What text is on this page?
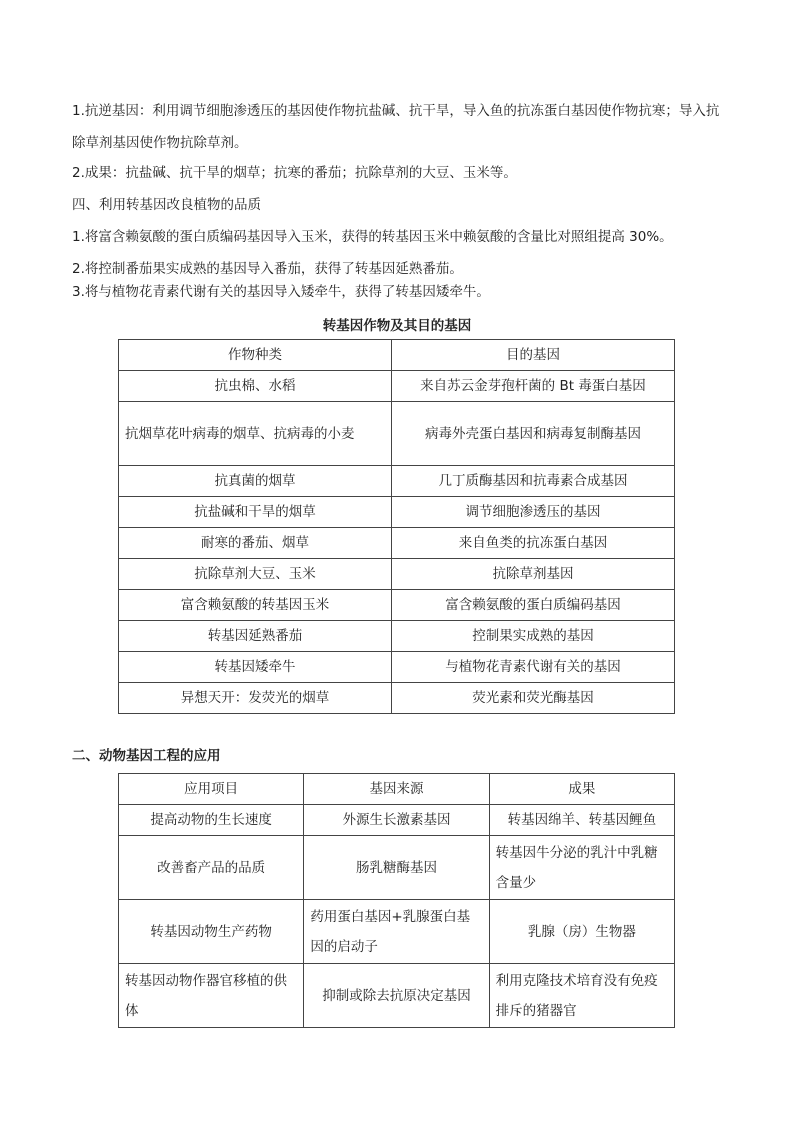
1.抗逆基因：利用调节细胞渗透压的基因使作物抗盐碱、抗干旱，导入鱼的抗冻蛋白基因使作物抗寒；导入抗除草剂基因使作物抗除草剂。

2.成果：抗盐碱、抗干旱的烟草；抗寒的番茄；抗除草剂的大豆、玉米等。

四、利用转基因改良植物的品质

1.将富含赖氨酸的蛋白质编码基因导入玉米，获得的转基因玉米中赖氨酸的含量比对照组提高 30%。

2.将控制番茄果实成熟的基因导入番茄，获得了转基因延熟番茄。

3.将与植物花青素代谢有关的基因导入矮牵牛，获得了转基因矮牵牛。

转基因作物及其目的基因
作物种类	目的基因
抗虫棉、水稻	来自苏云金芽孢杆菌的 Bt 毒蛋白基因
抗烟草花叶病毒的烟草、抗病毒的小麦	病毒外壳蛋白基因和病毒复制酶基因
抗真菌的烟草	几丁质酶基因和抗毒素合成基因
抗盐碱和干旱的烟草	调节细胞渗透压的基因
耐寒的番茄、烟草	来自鱼类的抗冻蛋白基因
抗除草剂大豆、玉米	抗除草剂基因
富含赖氨酸的转基因玉米	富含赖氨酸的蛋白质编码基因
转基因延熟番茄	控制果实成熟的基因
转基因矮牵牛	与植物花青素代谢有关的基因
异想天开：发荧光的烟草	荧光素和荧光酶基因
二、动物基因工程的应用
应用项目	基因来源	成果
提高动物的生长速度	外源生长激素基因	转基因绵羊、转基因鲤鱼
改善畜产品的品质	肠乳糖酶基因	转基因牛分泌的乳汁中乳糖含量少
转基因动物生产药物	药用蛋白基因+乳腺蛋白基因的启动子	乳腺（房）生物器
转基因动物作器官移植的供体	抑制或除去抗原决定基因	利用克隆技术培育没有免疫排斥的猪器官
